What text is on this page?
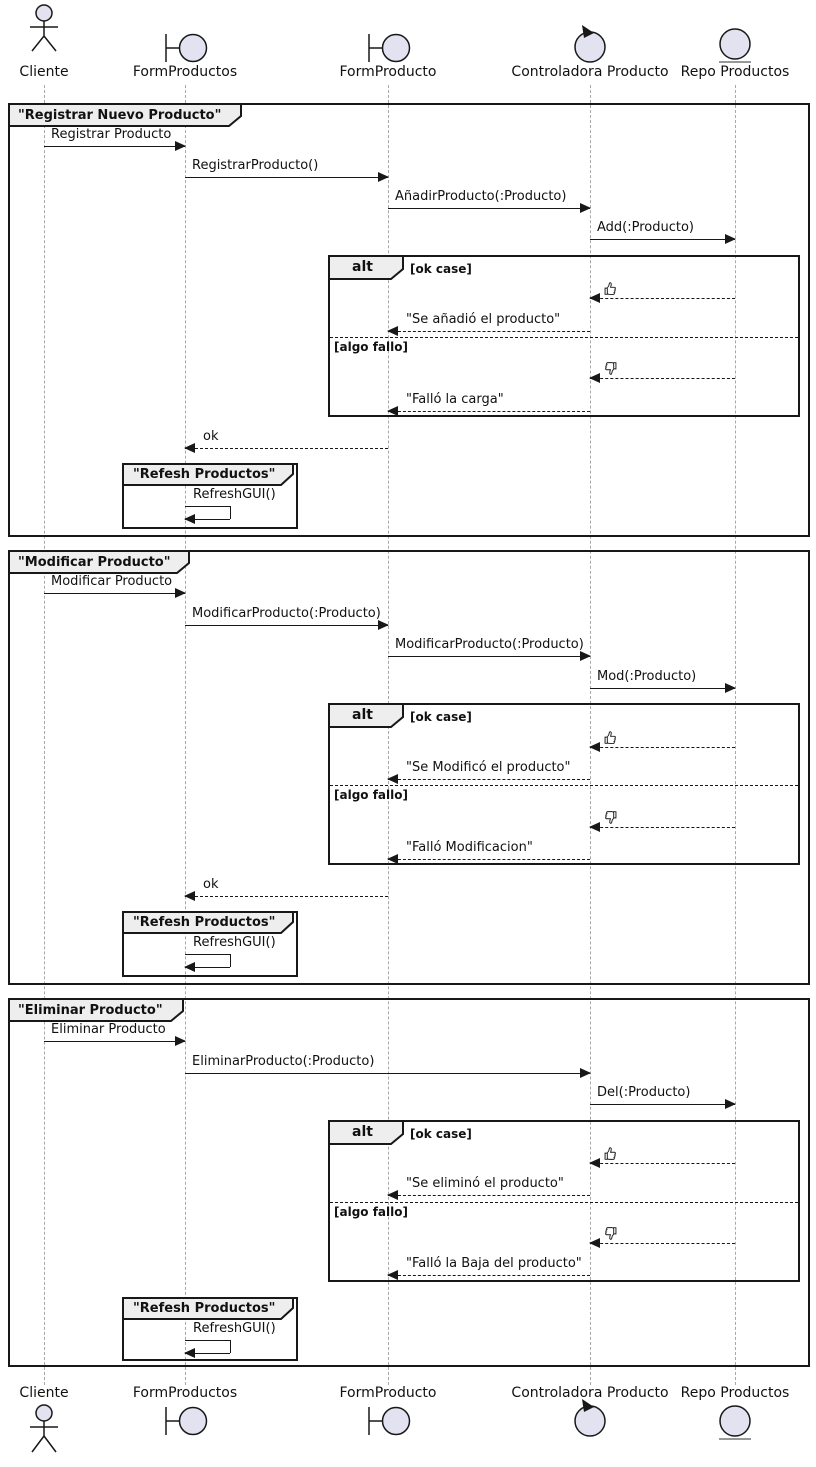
Cliente	FormProductos	FormProducto	Controladora Producto Repo Productos
"Registrar Nuevo Producto"
alt	[ok case]
[algo fallo]
"Refesh Productos"
Registrar Producto
RegistrarProducto()
AñadirProducto(:Producto)
Add(:Producto)
"Se añadió el producto"
"Falló la carga"
ok
RefreshGUI()
"Modificar Producto"
alt	[ok case]
[algo fallo]
"Refesh Productos"
Modificar Producto
ModificarProducto(:Producto)
ModificarProducto(:Producto)
Mod(:Producto)
"Se Modificó el producto"
"Falló Modificacion"
ok
RefreshGUI()
"Eliminar Producto"
alt	[ok case]
[algo fallo]
"Refesh Productos"
Eliminar Producto
EliminarProducto(:Producto)
Del(:Producto)
"Se eliminó el producto"
"Falló la Baja del producto"
RefreshGUI()
Cliente	FormProductos	FormProducto	Controladora Producto Repo Productos
